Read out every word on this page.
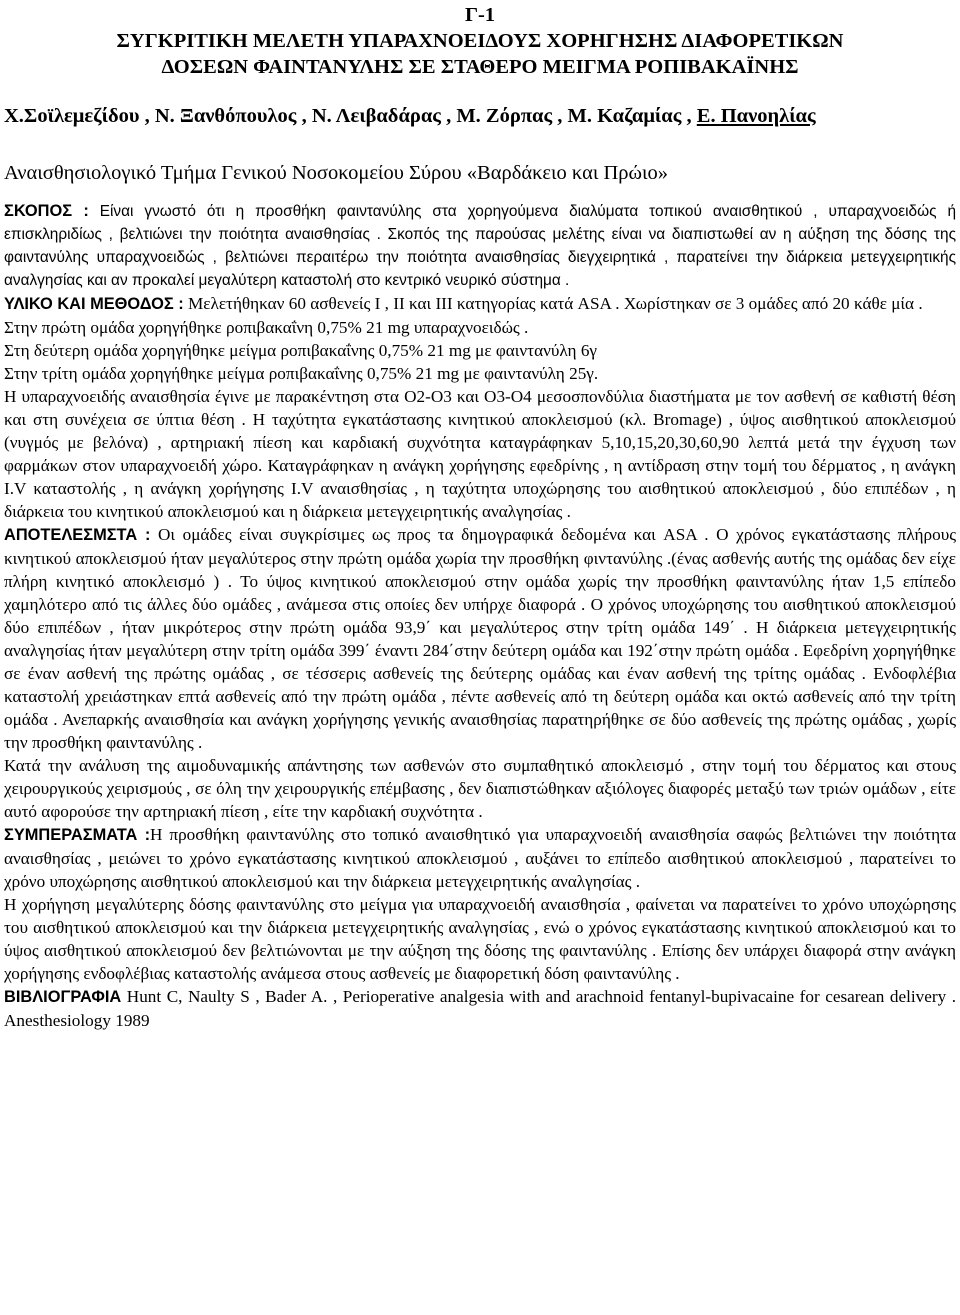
Γ-1
ΣΥΓΚΡΙΤΙΚΗ ΜΕΛΕΤΗ ΥΠΑΡΑΧΝΟΕΙΔΟΥΣ ΧΟΡΗΓΗΣΗΣ ΔΙΑΦΟΡΕΤΙΚΩΝ
ΔΟΣΕΩΝ ΦΑΙΝΤΑΝΥΛΗΣ ΣΕ ΣΤΑΘΕΡΟ ΜΕΙΓΜΑ ΡΟΠΙΒΑΚΑΪΝΗΣ
Χ.Σοϊλεμεζίδου , Ν. Ξανθόπουλος , Ν. Λειβαδάρας , Μ. Ζόρπας , Μ. Καζαμίας , Ε. Πανοηλίας
Αναισθησιολογικό Τμήμα Γενικού Νοσοκομείου Σύρου «Βαρδάκειο και Πρώιο»
ΣΚΟΠΟΣ : Είναι γνωστό ότι η προσθήκη φαιντανύλης στα χορηγούμενα διαλύματα τοπικού αναισθητικού , υπαραχνοειδώς ή επισκληριδίως , βελτιώνει την ποιότητα αναισθησίας . Σκοπός της παρούσας μελέτης είναι να διαπιστωθεί αν η αύξηση της δόσης της φαιντανύλης υπαραχνοειδώς , βελτιώνει περαιτέρω την ποιότητα αναισθησίας διεγχειρητικά , παρατείνει την διάρκεια μετεγχειρητικής αναλγησίας και αν προκαλεί μεγαλύτερη καταστολή στο κεντρικό νευρικό σύστημα .

ΥΛΙΚΟ ΚΑΙ ΜΕΘΟΔΟΣ : Μελετήθηκαν 60 ασθενείς Ι , ΙΙ και ΙΙΙ κατηγορίας κατά ASA . Χωρίστηκαν σε 3 ομάδες από 20 κάθε μία .

Στην πρώτη ομάδα χορηγήθηκε ροπιβακαΐνη 0,75% 21 mg υπαραχνοειδώς .

Στη δεύτερη ομάδα χορηγήθηκε μείγμα ροπιβακαΐνης 0,75% 21 mg με φαιντανύλη 6γ

Στην τρίτη ομάδα χορηγήθηκε μείγμα ροπιβακαΐνης 0,75% 21 mg με φαιντανύλη 25γ.

Η υπαραχνοειδής αναισθησία έγινε με παρακέντηση στα Ο2-Ο3 και Ο3-Ο4 μεσοσπονδύλια διαστήματα με τον ασθενή σε καθιστή θέση και στη συνέχεια σε ύπτια θέση . Η ταχύτητα εγκατάστασης κινητικού αποκλεισμού (κλ. Bromage) , ύψος αισθητικού αποκλεισμού (νυγμός με βελόνα) , αρτηριακή πίεση και καρδιακή συχνότητα καταγράφηκαν 5,10,15,20,30,60,90 λεπτά μετά την έγχυση των φαρμάκων στον υπαραχνοειδή χώρο. Καταγράφηκαν η ανάγκη χορήγησης εφεδρίνης , η αντίδραση στην τομή του δέρματος , η ανάγκη Ι.V καταστολής , η ανάγκη χορήγησης Ι.V αναισθησίας , η ταχύτητα υποχώρησης του αισθητικού αποκλεισμού , δύο επιπέδων , η διάρκεια του κινητικού αποκλεισμού και η διάρκεια μετεγχειρητικής αναλγησίας .

ΑΠΟΤΕΛΕΣΜΣΤΑ : Οι ομάδες είναι συγκρίσιμες ως προς τα δημογραφικά δεδομένα και ASA . Ο χρόνος εγκατάστασης πλήρους κινητικού αποκλεισμού ήταν μεγαλύτερος στην πρώτη ομάδα χωρία την προσθήκη φιντανύλης .(ένας ασθενής αυτής της ομάδας δεν είχε πλήρη κινητικό αποκλεισμό ) . Το ύψος κινητικού αποκλεισμού στην ομάδα χωρίς την προσθήκη φαιντανύλης ήταν 1,5 επίπεδο χαμηλότερο από τις άλλες δύο ομάδες , ανάμεσα στις οποίες δεν υπήρχε διαφορά . Ο χρόνος υποχώρησης του αισθητικού αποκλεισμού δύο επιπέδων , ήταν μικρότερος στην πρώτη ομάδα 93,9΄ και μεγαλύτερος στην τρίτη ομάδα 149΄ . Η διάρκεια μετεγχειρητικής αναλγησίας ήταν μεγαλύτερη στην τρίτη ομάδα 399΄ έναντι 284΄στην δεύτερη ομάδα και 192΄στην πρώτη ομάδα . Εφεδρίνη χορηγήθηκε σε έναν ασθενή της πρώτης ομάδας , σε τέσσερις ασθενείς της δεύτερης ομάδας και έναν ασθενή της τρίτης ομάδας . Ενδοφλέβια καταστολή χρειάστηκαν επτά ασθενείς από την πρώτη ομάδα , πέντε ασθενείς από τη δεύτερη ομάδα και οκτώ ασθενείς από την τρίτη ομάδα . Ανεπαρκής αναισθησία και ανάγκη χορήγησης γενικής αναισθησίας παρατηρήθηκε σε δύο ασθενείς της πρώτης ομάδας , χωρίς την προσθήκη φαιντανύλης .

Κατά την ανάλυση της αιμοδυναμικής απάντησης των ασθενών στο συμπαθητικό αποκλεισμό , στην τομή του δέρματος και στους χειρουργικούς χειρισμούς , σε όλη την χειρουργικής επέμβασης , δεν διαπιστώθηκαν αξιόλογες διαφορές μεταξύ των τριών ομάδων , είτε αυτό αφορούσε την αρτηριακή πίεση , είτε την καρδιακή συχνότητα .

ΣΥΜΠΕΡΑΣΜΑΤΑ :Η προσθήκη φαιντανύλης στο τοπικό αναισθητικό για υπαραχνοειδή αναισθησία σαφώς βελτιώνει την ποιότητα αναισθησίας , μειώνει το χρόνο εγκατάστασης κινητικού αποκλεισμού , αυξάνει το επίπεδο αισθητικού αποκλεισμού , παρατείνει το χρόνο υποχώρησης αισθητικού αποκλεισμού και την διάρκεια μετεγχειρητικής αναλγησίας .

Η χορήγηση μεγαλύτερης δόσης φαιντανύλης στο μείγμα για υπαραχνοειδή αναισθησία , φαίνεται να παρατείνει το χρόνο υποχώρησης του αισθητικού αποκλεισμού και την διάρκεια μετεγχειρητικής αναλγησίας , ενώ ο χρόνος εγκατάστασης κινητικού αποκλεισμού και το ύψος αισθητικού αποκλεισμού δεν βελτιώνονται με την αύξηση της δόσης της φαιντανύλης . Επίσης δεν υπάρχει διαφορά στην ανάγκη χορήγησης ενδοφλέβιας καταστολής ανάμεσα στους ασθενείς με διαφορετική δόση φαιντανύλης .

ΒΙΒΛΙΟΓΡΑΦΙΑ Hunt C, Naulty S , Bader A. , Perioperative analgesia with and arachnoid fentanyl-bupivacaine for cesarean delivery . Anesthesiology 1989
